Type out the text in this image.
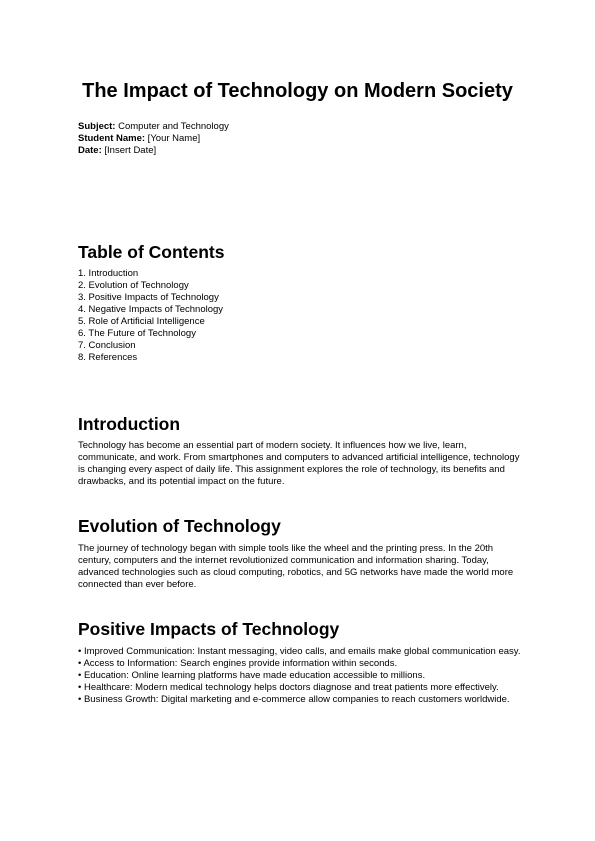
The Impact of Technology on Modern Society
Subject: Computer and Technology
Student Name: [Your Name]
Date: [Insert Date]
Table of Contents
1. Introduction
2. Evolution of Technology
3. Positive Impacts of Technology
4. Negative Impacts of Technology
5. Role of Artificial Intelligence
6. The Future of Technology
7. Conclusion
8. References
Introduction

Technology has become an essential part of modern society. It influences how we live, learn, communicate, and work. From smartphones and computers to advanced artificial intelligence, technology is changing every aspect of daily life. This assignment explores the role of technology, its benefits and drawbacks, and its potential impact on the future.

Evolution of Technology

The journey of technology began with simple tools like the wheel and the printing press. In the 20th century, computers and the internet revolutionized communication and information sharing. Today, advanced technologies such as cloud computing, robotics, and 5G networks have made the world more connected than ever before.

Positive Impacts of Technology
• Improved Communication: Instant messaging, video calls, and emails make global communication easy.
• Access to Information: Search engines provide information within seconds.
• Education: Online learning platforms have made education accessible to millions.
• Healthcare: Modern medical technology helps doctors diagnose and treat patients more effectively.
• Business Growth: Digital marketing and e-commerce allow companies to reach customers worldwide.
